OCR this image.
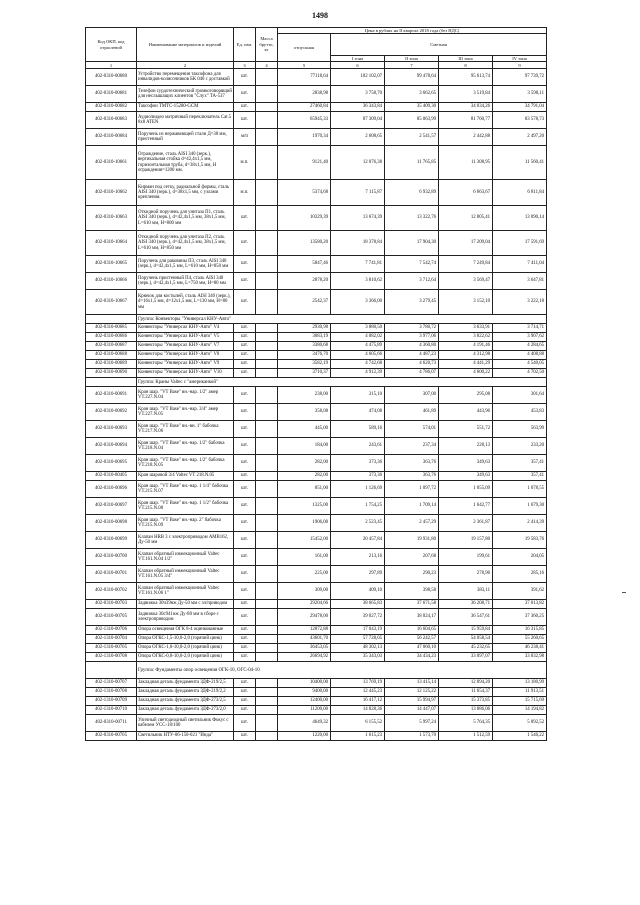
1498
Код ОКП, код отраслевой	Наименование материалов и изделий	Ед. изм.	Масса брутто, кг	Цена в рублях на II квартал 2018 года (без НДС)				
				отпускная	Сметная			
					I зона	II зона	III зона	IV зона
1	2	3	4	5	6	7	8	9
402-0310-00680	Устройство перемещения таксофона для инвалидов-колясочников БК 040 с доставкой	шт.		77118,64	102 102,07	99 478,64	95 613,74	97 739,72
402-0310-00681	Телефон сурдотехнический громкоговорящий для неслышащих клиентов "Слух" ТА-537	шт.		2838,98	3 758,70	3 662,65	3 519,84	3 598,11
402-0310-00682	Таксофон ТМТС-15280-GCM	шт.		27460,84	36 343,84	35 409,30	34 034,26	34 791,04
402-0310-00683	Аудио/видео матричный переключатель Cat.5 8x8 ATEN	шт.		65945,33	87 309,04	85 063,99	81 760,77	83 578,73
402-0310-00684	Поручень из нержавеющей стали Д=38 мм, пристенный	м/п		1970,34	2 608,65	2 541,57	2 442,88	2 497,20
402-0310-10661	Ограждение, сталь AISI 340 (зерк.), вертикальная стойка d=42,4x1,5 мм, горизонтальная труба, d=38x1,5 мм, Н ограждения=1200 мм.	м.п.		9121,40	12 076,38	11 765,85	11 308,95	11 560,41
402-0310-10662	Кирман под сетку, радиальной формы, сталь AISI 340 (зерк.), d=38x1,5 мм, с узлами крепления.	м.п.		5374,68	7 115,87	6 932,89	6 663,67	6 811,84
402-0310-10663	Откидной поручень для унитаза П1, сталь AISI 340 (зерк.), d=42,4x1,5 мм, 38x1,5 мм, L=610 мм, Н=800 мм	шт.		10329,39	13 674,39	13 322,76	12 805,41	13 090,14
402-0310-10664	Откидной поручень для унитаза П2, сталь AISI 340 (зерк.), d=42,4x1,5 мм, 38x1,5 мм, L=610 мм, Н=850 мм	шт.		13580,20	18 378,84	17 904,30	17 209,04	17 591,69
402-0310-10665	Поручень для раковины П3, сталь AISI 340 (зерк.), d=42,4x1,5 мм, L=610 мм, Н=850 мм	шт.		5847,46	7 741,81	7 542,74	7 249,84	7 411,04
402-0310-10666	Поручень пристенный П4, сталь AISI 340 (зерк.), d=42,4x1,5 мм, L=750 мм, Н=80 мм	шт.		2878,20	3 810,62	3 712,64	3 569,47	3 647,81
402-0310-10667	Крючок для костылей, сталь AISI 340 (зерк.), d=16x1,5 мм, d=12x1,5 мм, L=130 мм, Н=80 мм	шт.		2542,37	3 366,00	3 279,45	3 152,10	3 222,18
	Группа: Конвекторы "Универсал КНУ-Авто"							
402-0310-00685	Конвекторы "Универсал КНУ-Авто" V4	шт.		2930,98	3 880,50	3 780,72	3 633,91	3 714,71
402-0310-00686	Конвекторы "Универсал КНУ-Авто" V5	шт.		3083,19	4 082,02	3 977,06	3 822,62	3 907,62
402-0310-00687	Конвекторы "Универсал КНУ-Авто" V7	шт.		3380,68	4 475,89	4 360,80	4 191,46	4 284,65
402-0310-00688	Конвекторы "Универсал КНУ-Авто" V8	шт.		3476,70	4 605,66	4 487,23	4 312,98	4 408,88
402-0310-00689	Конвекторы "Универсал КНУ-Авто" V9	шт.		3582,19	4 742,68	4 620,73	4 441,29	4 540,05
402-0310-00690	Конвекторы "Универсал КНУ-Авто" V10	шт.		3710,37	4 912,39	4 786,07	4 600,22	4 702,50
	Группа: Краны Valtec с "американкой"							
402-0310-00691	Кран шар. "VT Base" вн.-нар. 1/2" амер VT.227.N.04	шт.		238,00	315,10	307,00	295,08	301,64
402-0310-00692	Кран шар. "VT Base" вн.-нар. 3/4" амер VT.227.N.05	шт.		358,08	474,08	461,89	443,96	453,83
402-0310-00693	Кран шар. "VT Base" вн.-вн. 1" бабочка VT.217.N.06	шт.		445,00	589,16	574,01	551,72	563,99
402-0310-00694	Кран шар. "VT Base" вн.-нар. 1/2" бабочка VT.218.N.04	шт.		184,00	243,61	237,34	228,13	233,20
402-0310-00695	Кран шар. "VT Base" вн.-нар. 1/2" бабочка VT.218.N.05	шт.		282,00	373,36	363,76	349,63	357,41
402-0310-80405	Кран шаровой 3/4 Valtec VT 218.N.05	шт.		282,00	373,36	363,76	349,63	357,41
402-0310-00696	Кран шар. "VT Base" вн.-нар. 1 1/4" бабочка VT.215.N.07	шт.		851,00	1 126,69	1 097,72	1 055,09	1 078,55
402-0310-00697	Кран шар. "VT Base" вн.-нар. 1 1/2" бабочка VT.215.N.08	шт.		1325,00	1 754,25	1 709,14	1 642,77	1 679,30
402-0310-00698	Кран шар. "VT Base" вн.-нар. 2" бабочка VT.215.N.09	шт.		1906,00	2 523,45	2 457,29	2 361,87	2 414,39
402-0310-00699	Клапан HRB 3 с электроприводом AMB162, Ду-50 мм	шт.		15452,00	20 457,84	19 931,80	19 157,80	19 583,76
402-0310-00700	Клапан обратный инжекционный Valtec VT.161.N.04 1/2"	шт.		161,00	213,16	207,68	199,61	204,05
402-0310-00701	Клапан обратный инжекционный Valtec VT.161.N.05 3/4"	шт.		225,00	297,89	290,23	278,96	285,16
402-0310-00702	Клапан обратный инжекционный Valtec VT.161.N.06 1"	шт.		309,00	409,10	398,58	383,11	391,62
402-0310-00703	Задвижка 30ч39нж Ду-50 мм с эл/приводом	шт.		29204,66	38 665,83	37 671,58	36 208,71	37 013,82
402-0310-00705	Задвижка 30с941нж Ду-80 мм в сборе с электроприводом	шт.		29478,00	39 027,72	38 024,17	36 547,61	37 360,25
402-1310-00706	Опора освещения ОГК 8-4 оцинкованные	шт.		12872,88	17 043,19	16 604,65	15 959,84	16 315,85
402-1310-00704	Опора ОГКС-1,5-10,0-2,0 (горячий цинк)	шт.		43601,70	57 728,05	56 242,57	54 058,54	55 260,65
402-1310-00705	Опора ОГКС-1,0-10,0-2,0 (горячий цинк)	шт.		36453,05	48 302,13	47 060,10	45 232,65	46 238,41
402-1310-00708	Опора ОГКС-0,8-10,0-2,0 (горячий цинк)	шт.		26694,92	35 343,03	34 434,23	33 097,07	33 832,98
	Группа: Фундаменты опор освещения ОГК-10, ОГС-04-10							
402-1310-00707	Закладная деталь фундамента ЗДФ-219/2,5	шт.		10400,00	13 769,19	13 415,14	12 894,20	13 180,99
402-1310-00708	Закладная деталь фундамента ЗДФ-219/2,2	шт.		9400,00	12 445,23	12 125,22	11 654,37	11 913,51
402-1310-00709	Закладная деталь фундамента ЗДФ-273/2,5	шт.		12400,00	16 417,12	15 994,97	15 373,85	15 715,69
402-1310-00710	Закладная деталь фундамента ЗДФ-273/2,0	шт.		11200,00	14 828,36	14 447,07	13 886,06	14 194,82
402-0310-00711	Уличный светодиодный светильник Фокус с кабелем УСС-18/100	шт.		4649,32	6 155,52	5 997,24	5 764,35	5 892,52
402-0310-00705	Светильник НТУ-06-150-021 "Инда"	шт.		1220,00	1 615,23	1 573,70	1 512,59	1 546,22
